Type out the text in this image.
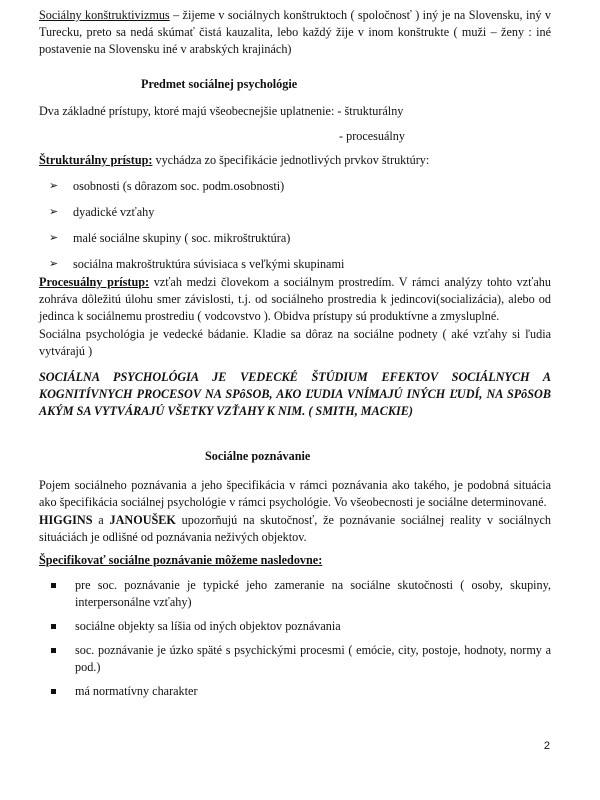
Sociálny konštruktivizmus – žijeme v sociálnych konštruktoch ( spoločnosť ) iný je na Slovensku, iný v Turecku, preto sa nedá skúmať čistá kauzalita, lebo každý žije v inom konštrukte ( muži – ženy : iné postavenie na Slovensku iné v arabských krajinách)

Predmet sociálnej psychológie

Dva základné prístupy, ktoré majú všeobecnejšie uplatnenie: - štrukturálny

- procesuálny

Štrukturálny prístup: vychádza zo špecifikácie jednotlivých prvkov štruktúry:

➢ osobnosti (s dôrazom soc. podm.osobnosti)
➢ dyadické vzťahy
➢ malé sociálne skupiny ( soc. mikroštruktúra)
➢ sociálna makroštruktúra súvisiaca s veľkými skupinami

Procesuálny prístup: vzťah medzi človekom a sociálnym prostredím. V rámci analýzy tohto vzťahu zohráva dôležitú úlohu smer závislosti, t.j. od sociálneho prostredia k jedincovi(socializácia), alebo od jedinca k sociálnemu prostrediu ( vodcovstvo ). Obidva prístupy sú produktívne a zmysluplné.

Sociálna psychológia je vedecké bádanie. Kladie sa dôraz na sociálne podnety ( aké vzťahy si ľudia vytvárajú )

SOCIÁLNA PSYCHOLÓGIA JE VEDECKÉ ŠTÚDIUM EFEKTOV SOCIÁLNYCH A KOGNITÍVNYCH PROCESOV NA SPôSOB, AKO ĽUDIA VNÍMAJÚ INÝCH ĽUDÍ, NA SPôSOB AKÝM SA VYTVÁRAJÚ VŠETKY VZŤAHY K NIM. ( SMITH, MACKIE)

Sociálne poznávanie

Pojem sociálneho poznávania a jeho špecifikácia v rámci poznávania ako takého, je podobná situácia ako špecifikácia sociálnej psychológie v rámci psychológie. Vo všeobecnosti je sociálne determinované.

HIGGINS a JANOUŠEK upozorňujú na skutočnosť, že poznávanie sociálnej reality v sociálnych situáciách je odlišné od poznávania neživých objektov.

Špecifikovať sociálne poznávanie môžeme nasledovne:

pre soc. poznávanie je typické jeho zameranie na sociálne skutočnosti ( osoby, skupiny, interpersonálne vzťahy)
sociálne objekty sa líšia od iných objektov poznávania
soc. poznávanie je úzko späté s psychickými procesmi ( emócie, city, postoje, hodnoty, normy a pod.)
má normatívny charakter
2
